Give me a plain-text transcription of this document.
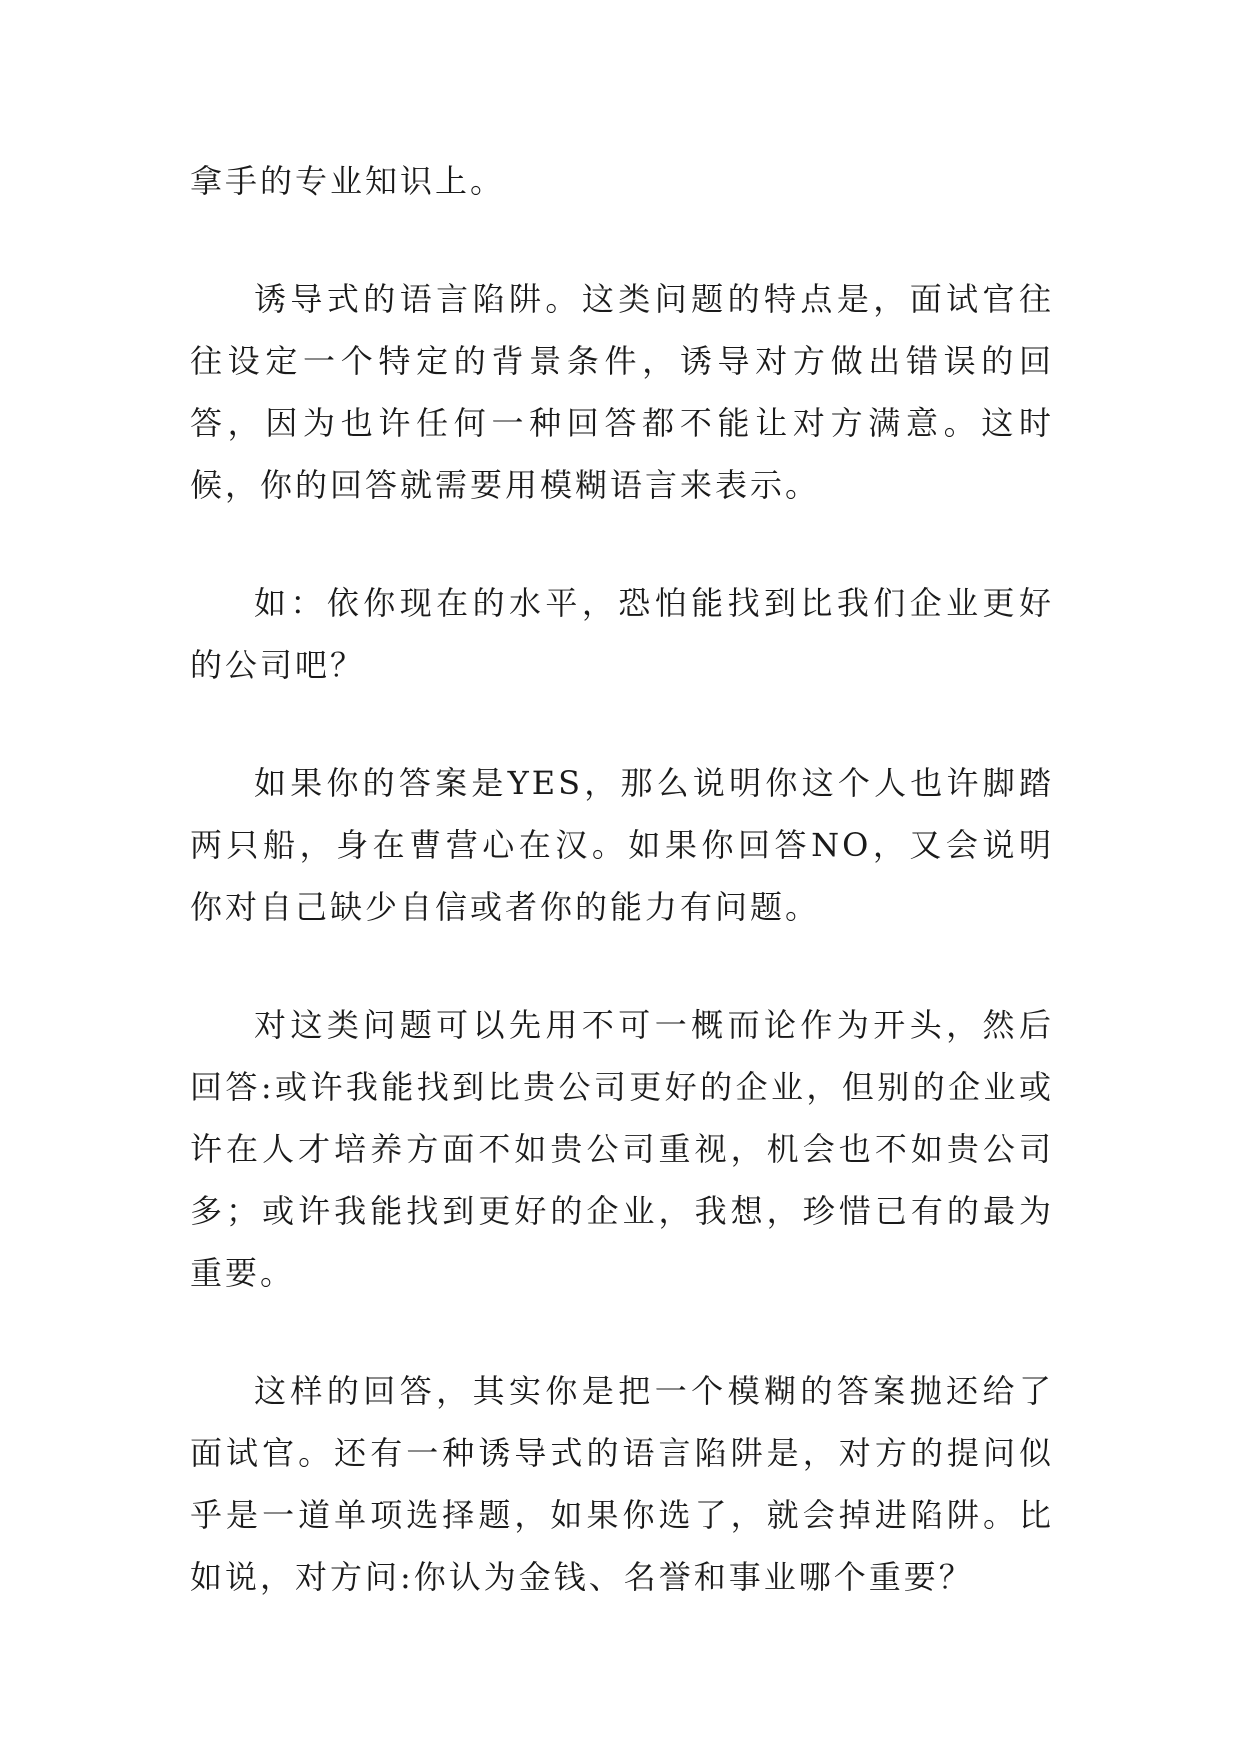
拿手的专业知识上。

诱导式的语言陷阱。这类问题的特点是，面试官往往设定一个特定的背景条件，诱导对方做出错误的回答，因为也许任何一种回答都不能让对方满意。这时候，你的回答就需要用模糊语言来表示。

如：依你现在的水平，恐怕能找到比我们企业更好的公司吧？

如果你的答案是YES，那么说明你这个人也许脚踏两只船，身在曹营心在汉。如果你回答NO，又会说明你对自己缺少自信或者你的能力有问题。

对这类问题可以先用不可一概而论作为开头，然后回答:或许我能找到比贵公司更好的企业，但别的企业或许在人才培养方面不如贵公司重视，机会也不如贵公司多；或许我能找到更好的企业，我想，珍惜已有的最为重要。

这样的回答，其实你是把一个模糊的答案抛还给了面试官。还有一种诱导式的语言陷阱是，对方的提问似乎是一道单项选择题，如果你选了，就会掉进陷阱。比如说，对方问:你认为金钱、名誉和事业哪个重要？
